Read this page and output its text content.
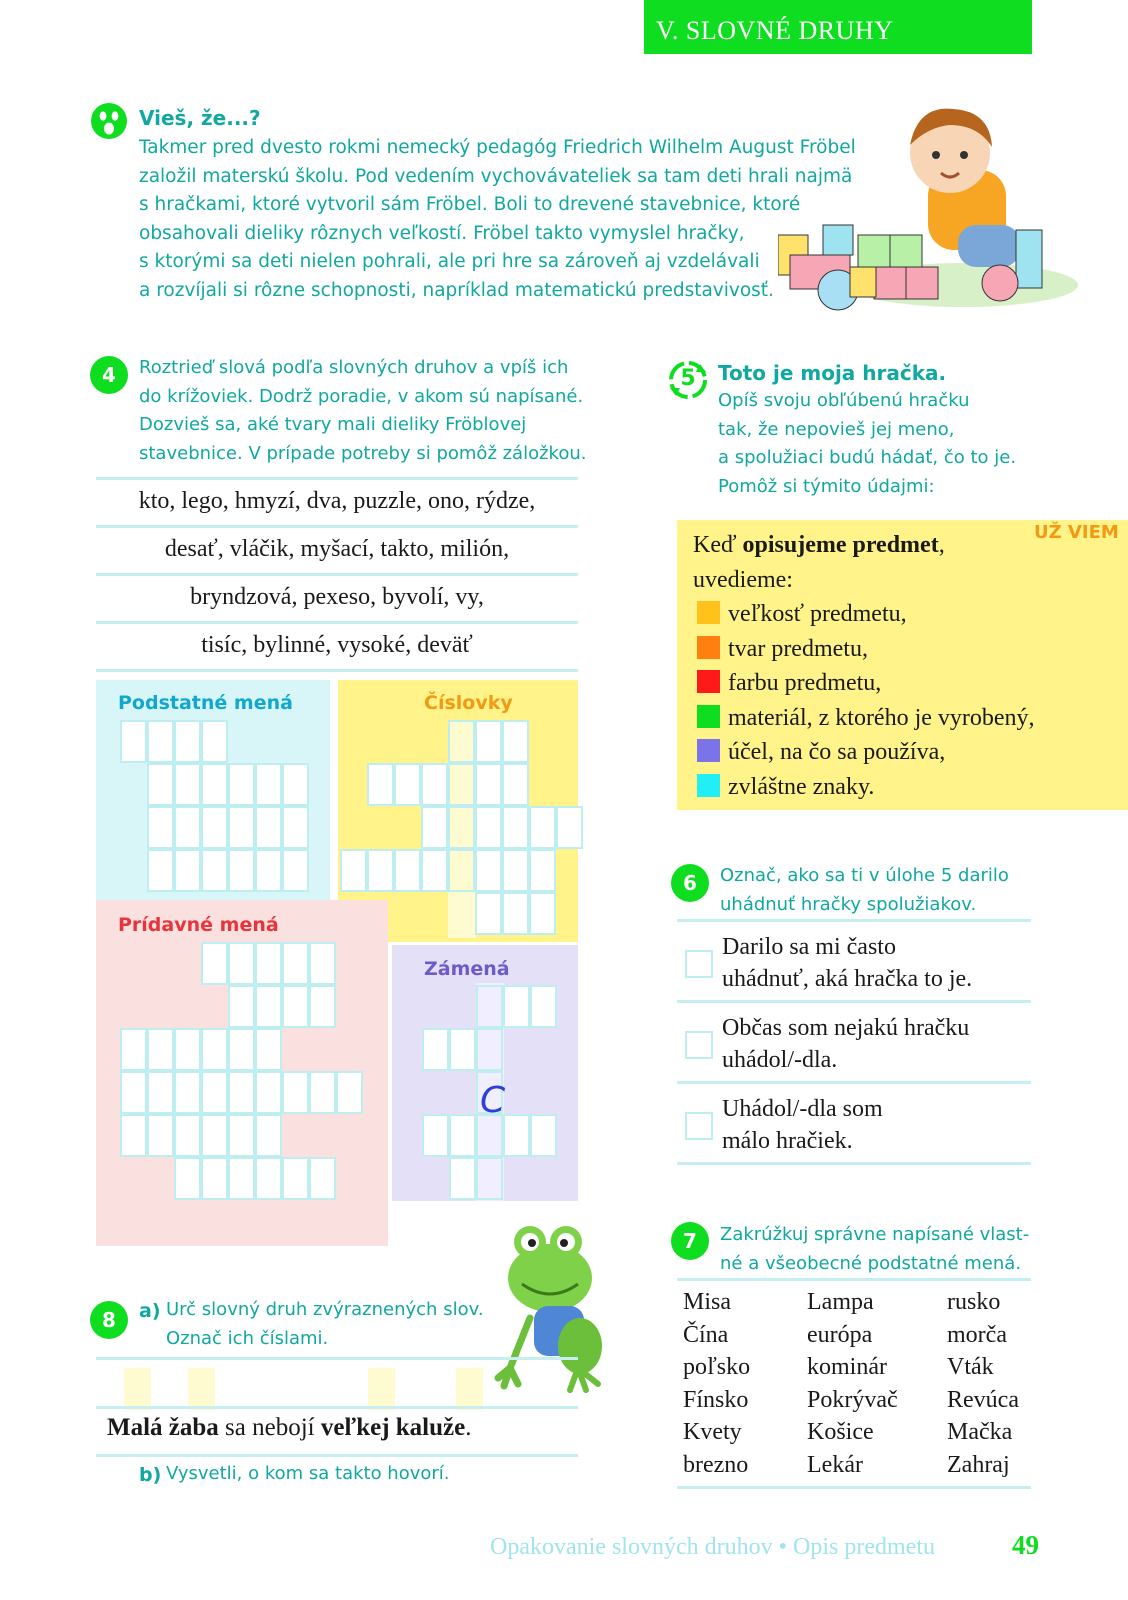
V. SLOVNÉ DRUHY
Vieš, že...?
Takmer pred dvesto rokmi nemecký pedagóg Friedrich Wilhelm August Fröbel
založil materskú školu. Pod vedením vychovávateliek sa tam deti hrali najmä
s hračkami, ktoré vytvoril sám Fröbel. Boli to drevené stavebnice, ktoré
obsahovali dieliky rôznych veľkostí. Fröbel takto vymyslel hračky,
s ktorými sa deti nielen pohrali, ale pri hre sa zároveň aj vzdelávali
a rozvíjali si rôzne schopnosti, napríklad matematickú predstavivosť.
4	Roztrieď slová podľa slovných druhov a vpíš ich
do krížoviek. Dodrž poradie, v akom sú napísané.
Dozvieš sa, aké tvary mali dieliky Fröblovej
stavebnice. V prípade potreby si pomôž záložkou.
kto, lego, hmyzí, dva, puzzle, ono, rýdze,
desať, vláčik, myšací, takto, milión,
bryndzová, pexeso, byvolí, vy,
tisíc, bylinné, vysoké, deväť
Podstatné mená	Číslovky
Prídavné mená
Zámená
C
5	Toto je moja hračka.
Opíš svoju obľúbenú hračku
tak, že nepovieš jej meno,
a spolužiaci budú hádať, čo to je.
Pomôž si týmito údajmi:
UŽ VIEM
Keď opisujeme predmet,
uvedieme:
veľkosť predmetu,
tvar predmetu,
farbu predmetu,
materiál, z ktorého je vyrobený,
účel, na čo sa používa,
zvláštne znaky.
6	Označ, ako sa ti v úlohe 5 darilo
uhádnuť hračky spolužiakov.
Darilo sa mi často
uhádnuť, aká hračka to je.
Občas som nejakú hračku
uhádol/-dla.
Uhádol/-dla som
málo hračiek.
7	Zakrúžkuj správne napísané vlast-
né a všeobecné podstatné mená.
Misa	Lampa	rusko
Čína	európa	morča
poľsko	kominár	Vták
Fínsko	Pokrývač	Revúca
Kvety	Košice	Mačka
brezno	Lekár	Zahraj
8	a) Urč slovný druh zvýraznených slov.
Označ ich číslami.
Malá žaba sa nebojí veľkej kaluže.
b) Vysvetli, o kom sa takto hovorí.
Opakovanie slovných druhov • Opis predmetu	49
